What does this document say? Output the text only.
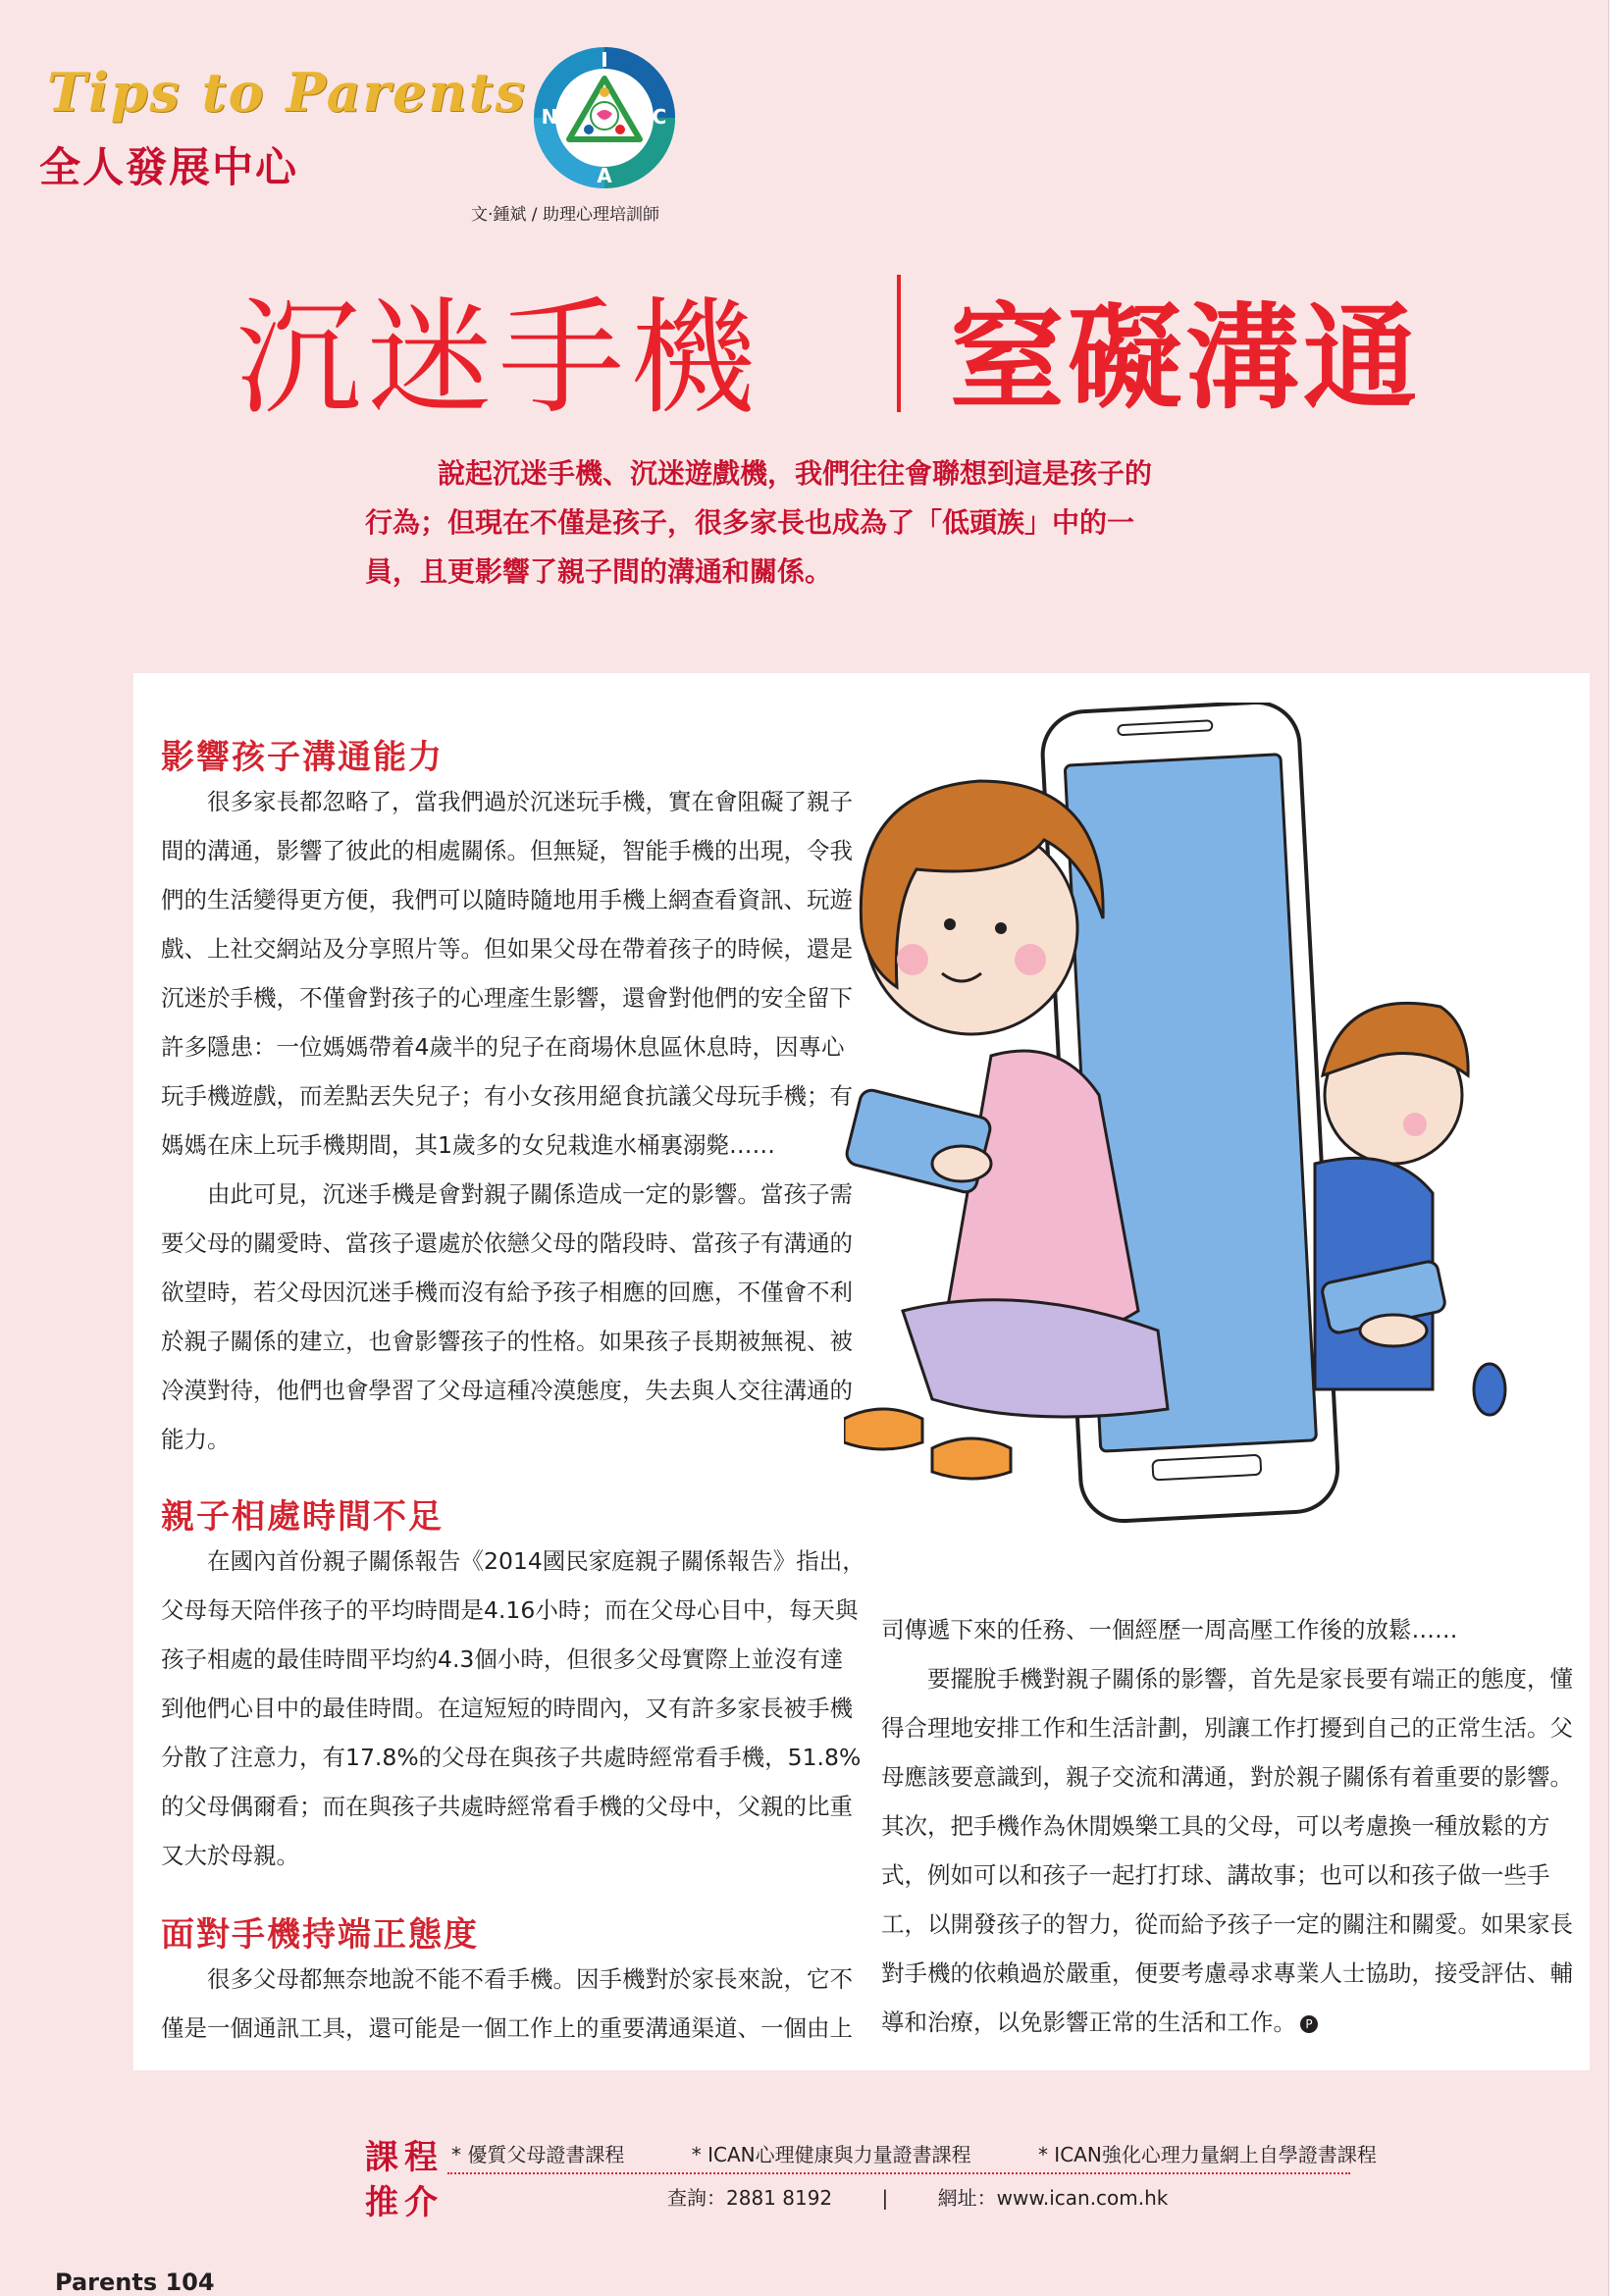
Tips to Parents
全人發展中心
I
C
A
N
文‧鍾斌 / 助理心理培訓師
沉迷手機 窒礙溝通
說起沉迷手機、沉迷遊戲機，我們往往會聯想到這是孩子的
行為；但現在不僅是孩子，很多家長也成為了「低頭族」中的一
員，且更影響了親子間的溝通和關係。
影響孩子溝通能力

很多家長都忽略了，當我們過於沉迷玩手機，實在會阻礙了親子
間的溝通，影響了彼此的相處關係。但無疑，智能手機的出現，令我
們的生活變得更方便，我們可以隨時隨地用手機上網查看資訊、玩遊
戲、上社交網站及分享照片等。但如果父母在帶着孩子的時候，還是
沉迷於手機，不僅會對孩子的心理產生影響，還會對他們的安全留下
許多隱患：一位媽媽帶着4歲半的兒子在商場休息區休息時，因專心
玩手機遊戲，而差點丟失兒子；有小女孩用絕食抗議父母玩手機；有
媽媽在床上玩手機期間，其1歲多的女兒栽進水桶裏溺斃……

由此可見，沉迷手機是會對親子關係造成一定的影響。當孩子需
要父母的關愛時、當孩子還處於依戀父母的階段時、當孩子有溝通的
欲望時，若父母因沉迷手機而沒有給予孩子相應的回應，不僅會不利
於親子關係的建立，也會影響孩子的性格。如果孩子長期被無視、被
冷漠對待，他們也會學習了父母這種冷漠態度，失去與人交往溝通的
能力。

親子相處時間不足

在國內首份親子關係報告《2014國民家庭親子關係報告》指出，
父母每天陪伴孩子的平均時間是4.16小時；而在父母心目中，每天與
孩子相處的最佳時間平均約4.3個小時，但很多父母實際上並沒有達
到他們心目中的最佳時間。在這短短的時間內，又有許多家長被手機
分散了注意力，有17.8%的父母在與孩子共處時經常看手機，51.8%
的父母偶爾看；而在與孩子共處時經常看手機的父母中，父親的比重
又大於母親。

面對手機持端正態度

很多父母都無奈地說不能不看手機。因手機對於家長來說，它不
僅是一個通訊工具，還可能是一個工作上的重要溝通渠道、一個由上

司傳遞下來的任務、一個經歷一周高壓工作後的放鬆……

要擺脫手機對親子關係的影響，首先是家長要有端正的態度，懂
得合理地安排工作和生活計劃，別讓工作打擾到自己的正常生活。父
母應該要意識到，親子交流和溝通，對於親子關係有着重要的影響。
其次，把手機作為休閒娛樂工具的父母，可以考慮換一種放鬆的方
式，例如可以和孩子一起打打球、講故事；也可以和孩子做一些手
工，以開發孩子的智力，從而給予孩子一定的關注和關愛。如果家長
對手機的依賴過於嚴重，便要考慮尋求專業人士協助，接受評估、輔
導和治療，以免影響正常的生活和工作。 P

課程
推介
* 優質父母證書課程	* ICAN心理健康與力量證書課程	* ICAN強化心理力量網上自學證書課程
查詢：2881 8192	|	網址：www.ican.com.hk
Parents 104
